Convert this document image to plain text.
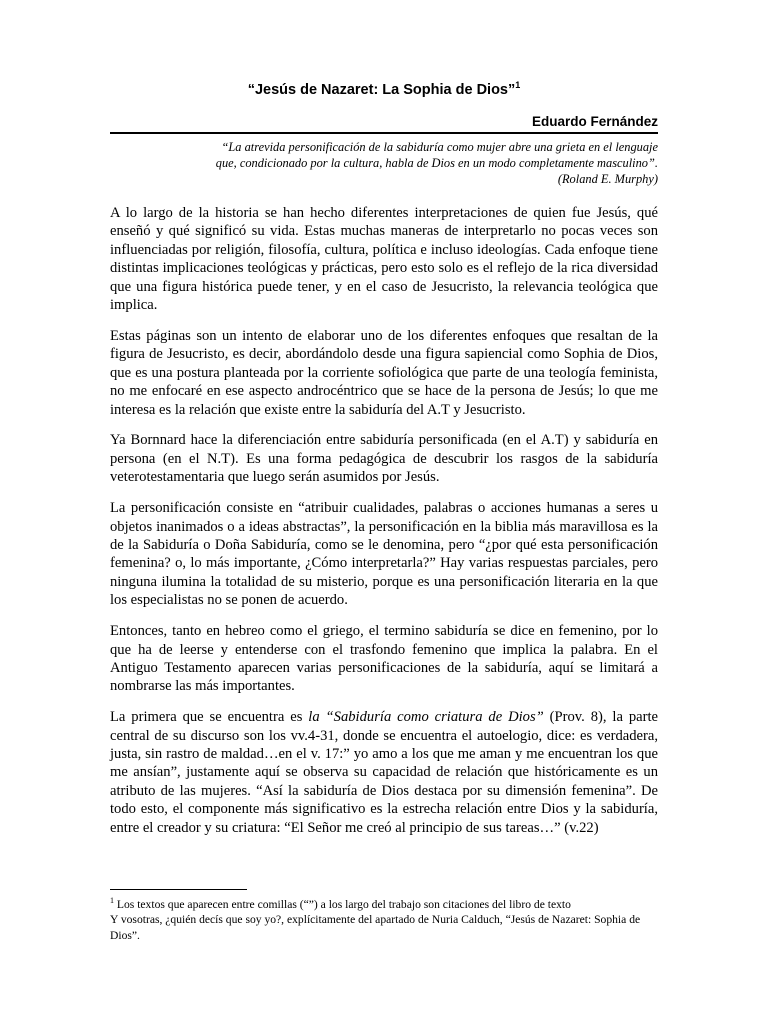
“Jesús de Nazaret: La Sophia de Dios”$^1$
Eduardo Fernández
“La atrevida personificación de la sabiduría como mujer abre una grieta en el lenguaje
que, condicionado por la cultura, habla de Dios en un modo completamente masculino”.
(Roland E. Murphy)

A lo largo de la historia se han hecho diferentes interpretaciones de quien fue Jesús, qué enseñó y qué significó su vida. Estas muchas maneras de interpretarlo no pocas veces son influenciadas por religión, filosofía, cultura, política e incluso ideologías. Cada enfoque tiene distintas implicaciones teológicas y prácticas, pero esto solo es el reflejo de la rica diversidad que una figura histórica puede tener, y en el caso de Jesucristo, la relevancia teológica que implica.

Estas páginas son un intento de elaborar uno de los diferentes enfoques que resaltan de la figura de Jesucristo, es decir, abordándolo desde una figura sapiencial como Sophia de Dios, que es una postura planteada por la corriente sofiológica que parte de una teología feminista, no me enfocaré en ese aspecto androcéntrico que se hace de la persona de Jesús; lo que me interesa es la relación que existe entre la sabiduría del A.T y Jesucristo.

Ya Bornnard hace la diferenciación entre sabiduría personificada (en el A.T) y sabiduría en persona (en el N.T). Es una forma pedagógica de descubrir los rasgos de la sabiduría veterotestamentaria que luego serán asumidos por Jesús.

La personificación consiste en “atribuir cualidades, palabras o acciones humanas a seres u objetos inanimados o a ideas abstractas”, la personificación en la biblia más maravillosa es la de la Sabiduría o Doña Sabiduría, como se le denomina, pero “¿por qué esta personificación femenina? o, lo más importante, ¿Cómo interpretarla?” Hay varias respuestas parciales, pero ninguna ilumina la totalidad de su misterio, porque es una personificación literaria en la que los especialistas no se ponen de acuerdo.

Entonces, tanto en hebreo como el griego, el termino sabiduría se dice en femenino, por lo que ha de leerse y entenderse con el trasfondo femenino que implica la palabra. En el Antiguo Testamento aparecen varias personificaciones de la sabiduría, aquí se limitará a nombrarse las más importantes.

La primera que se encuentra es la “Sabiduría como criatura de Dios” (Prov. 8), la parte central de su discurso son los vv.4-31, donde se encuentra el autoelogio, dice: es verdadera, justa, sin rastro de maldad…en el v. 17:” yo amo a los que me aman y me encuentran los que me ansían”, justamente aquí se observa su capacidad de relación que históricamente es un atributo de las mujeres. “Así la sabiduría de Dios destaca por su dimensión femenina”. De todo esto, el componente más significativo es la estrecha relación entre Dios y la sabiduría, entre el creador y su criatura: “El Señor me creó al principio de sus tareas…” (v.22)

$^1$ Los textos que aparecen entre comillas (“”) a los largo del trabajo son citaciones del libro de texto
Y vosotras, ¿quién decís que soy yo?, explícitamente del apartado de Nuria Calduch, “Jesús de Nazaret: Sophia de Dios”.
